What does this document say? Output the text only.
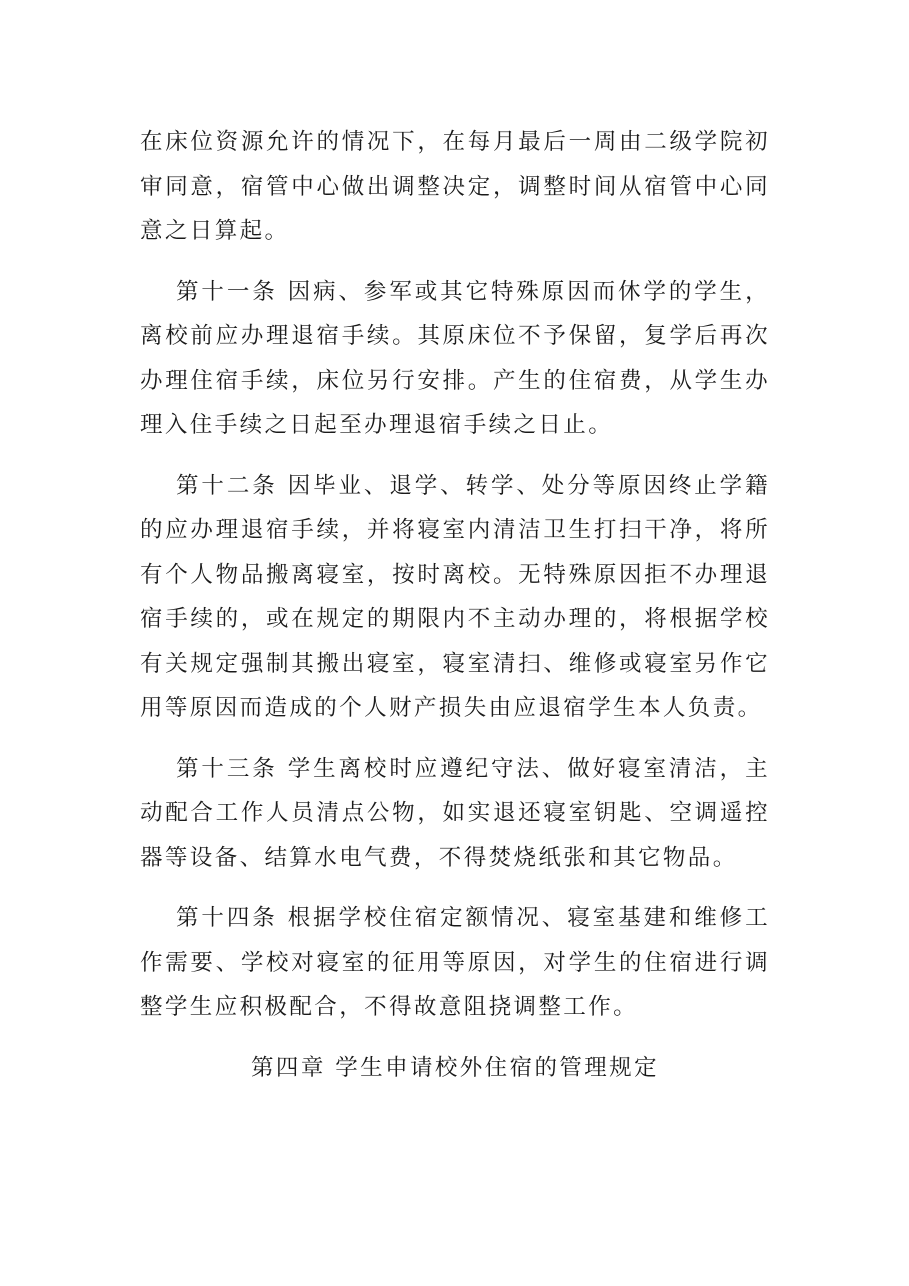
在床位资源允许的情况下，在每月最后一周由二级学院初审同意，宿管中心做出调整决定，调整时间从宿管中心同意之日算起。

第十一条 因病、参军或其它特殊原因而休学的学生，离校前应办理退宿手续。其原床位不予保留，复学后再次办理住宿手续，床位另行安排。产生的住宿费，从学生办理入住手续之日起至办理退宿手续之日止。

第十二条 因毕业、退学、转学、处分等原因终止学籍的应办理退宿手续，并将寝室内清洁卫生打扫干净，将所有个人物品搬离寝室，按时离校。无特殊原因拒不办理退宿手续的，或在规定的期限内不主动办理的，将根据学校有关规定强制其搬出寝室，寝室清扫、维修或寝室另作它用等原因而造成的个人财产损失由应退宿学生本人负责。

第十三条 学生离校时应遵纪守法、做好寝室清洁，主动配合工作人员清点公物，如实退还寝室钥匙、空调遥控器等设备、结算水电气费，不得焚烧纸张和其它物品。

第十四条 根据学校住宿定额情况、寝室基建和维修工作需要、学校对寝室的征用等原因，对学生的住宿进行调整学生应积极配合，不得故意阻挠调整工作。

第四章 学生申请校外住宿的管理规定
